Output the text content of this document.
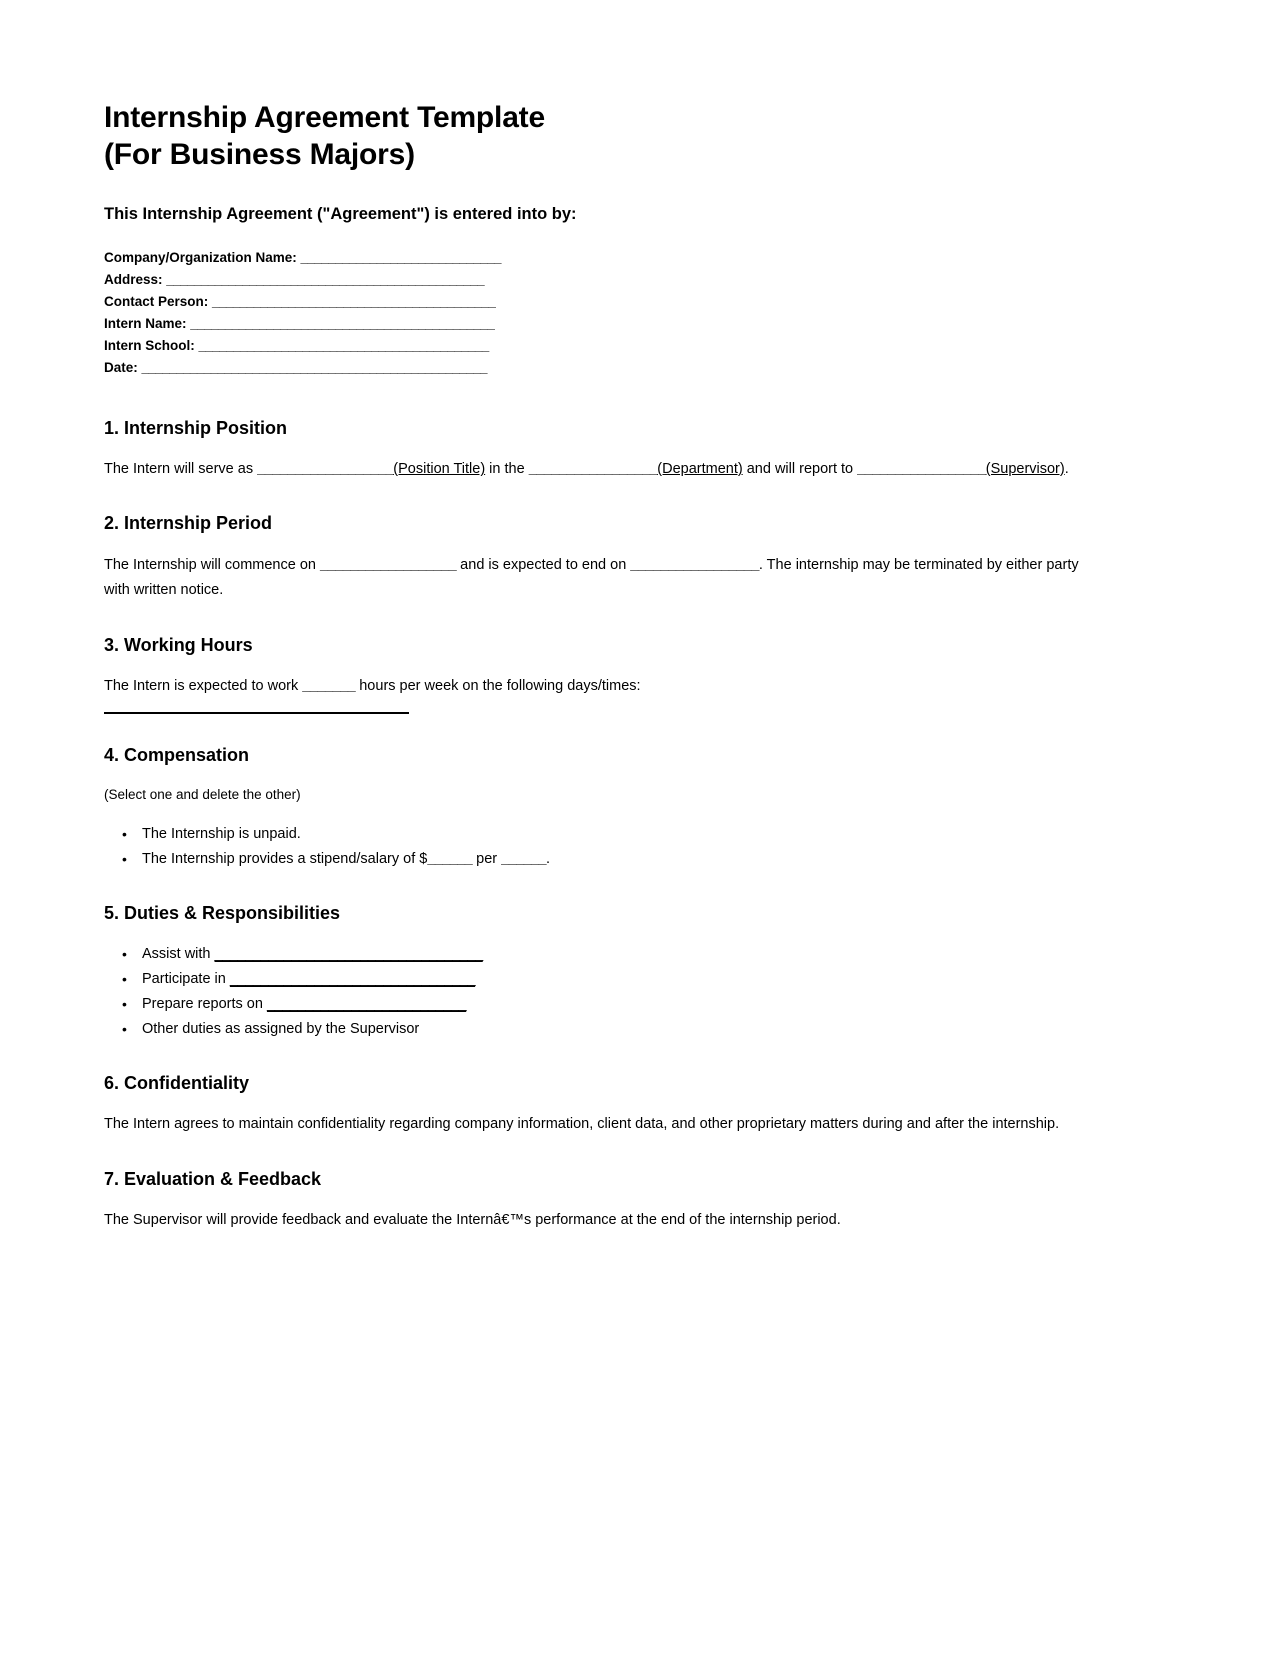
Internship Agreement Template
(For Business Majors)
This Internship Agreement ("Agreement") is entered into by:
Company/Organization Name: _____________________________
Address: ______________________________________________
Contact Person: _________________________________________
Intern Name: ____________________________________________
Intern School: __________________________________________
Date: __________________________________________________
1. Internship Position

The Intern will serve as __________________(Position Title) in the _________________(Department) and will report to _________________(Supervisor).

2. Internship Period

The Internship will commence on __________________ and is expected to end on _________________. The internship may be terminated by either party with written notice.

3. Working Hours

The Intern is expected to work _______ hours per week on the following days/times:

4. Compensation

(Select one and delete the other)

• The Internship is unpaid.
• The Internship provides a stipend/salary of $______ per ______.
5. Duties & Responsibilities
• Assist with ___________________________________
• Participate in ________________________________
• Prepare reports on __________________________
• Other duties as assigned by the Supervisor
6. Confidentiality

The Intern agrees to maintain confidentiality regarding company information, client data, and other proprietary matters during and after the internship.

7. Evaluation & Feedback

The Supervisor will provide feedback and evaluate the Internâ€™s performance at the end of the internship period.
